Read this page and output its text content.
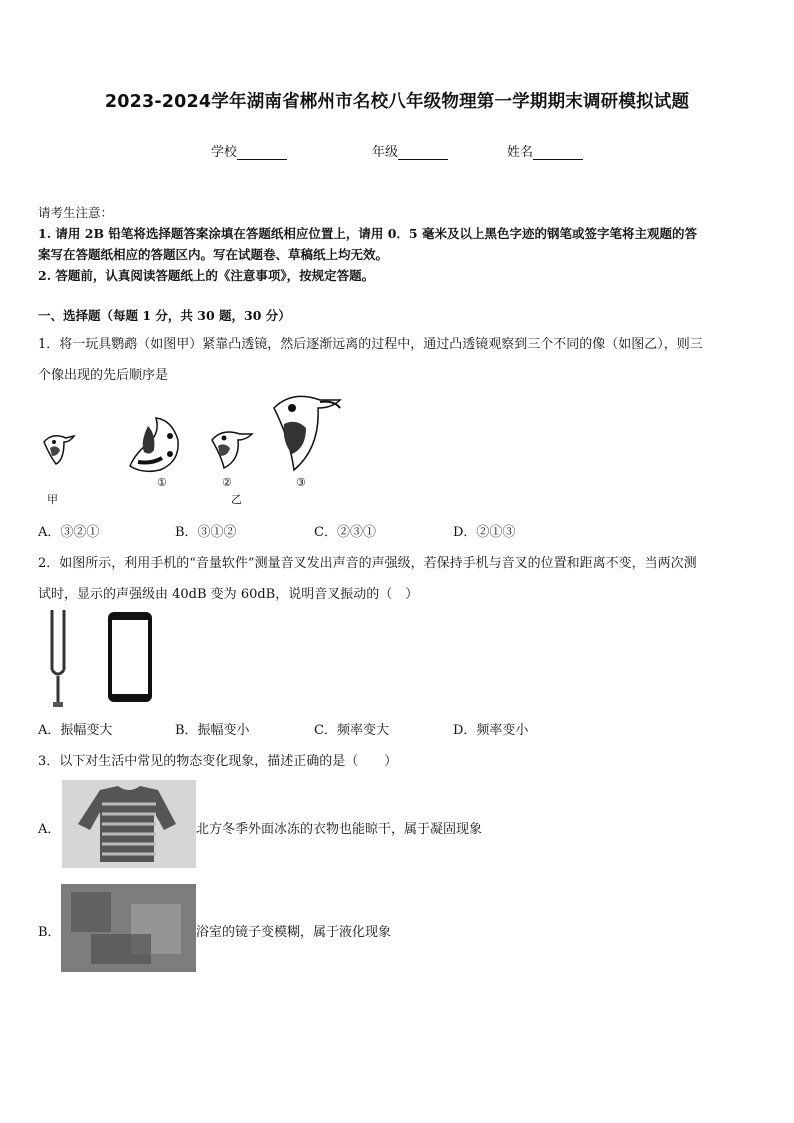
2023-2024学年湖南省郴州市名校八年级物理第一学期期末调研模拟试题
学校	年级	姓名
请考生注意：
1. 请用 2B 铅笔将选择题答案涂填在答题纸相应位置上，请用 0．5 毫米及以上黑色字迹的钢笔或签字笔将主观题的答
案写在答题纸相应的答题区内。写在试题卷、草稿纸上均无效。
2. 答题前，认真阅读答题纸上的《注意事项》，按规定答题。
一、选择题（每题 1 分，共 30 题，30 分）
1．将一玩具鹦鹉（如图甲）紧靠凸透镜，然后逐渐远离的过程中，通过凸透镜观察到三个不同的像（如图乙），则三
个像出现的先后顺序是
甲
①	②
乙
③
A．③②①	B．③①②	C．②③①	D．②①③
2．如图所示，利用手机的“音量软件”测量音叉发出声音的声强级，若保持手机与音叉的位置和距离不变，当两次测
试时，显示的声强级由 40dB 变为 60dB，说明音叉振动的（　）
A．振幅变大	B．振幅变小	C．频率变大	D．频率变小
3．以下对生活中常见的物态变化现象，描述正确的是（　　）
A．	北方冬季外面冰冻的衣物也能晾干，属于凝固现象
B．	浴室的镜子变模糊，属于液化现象
